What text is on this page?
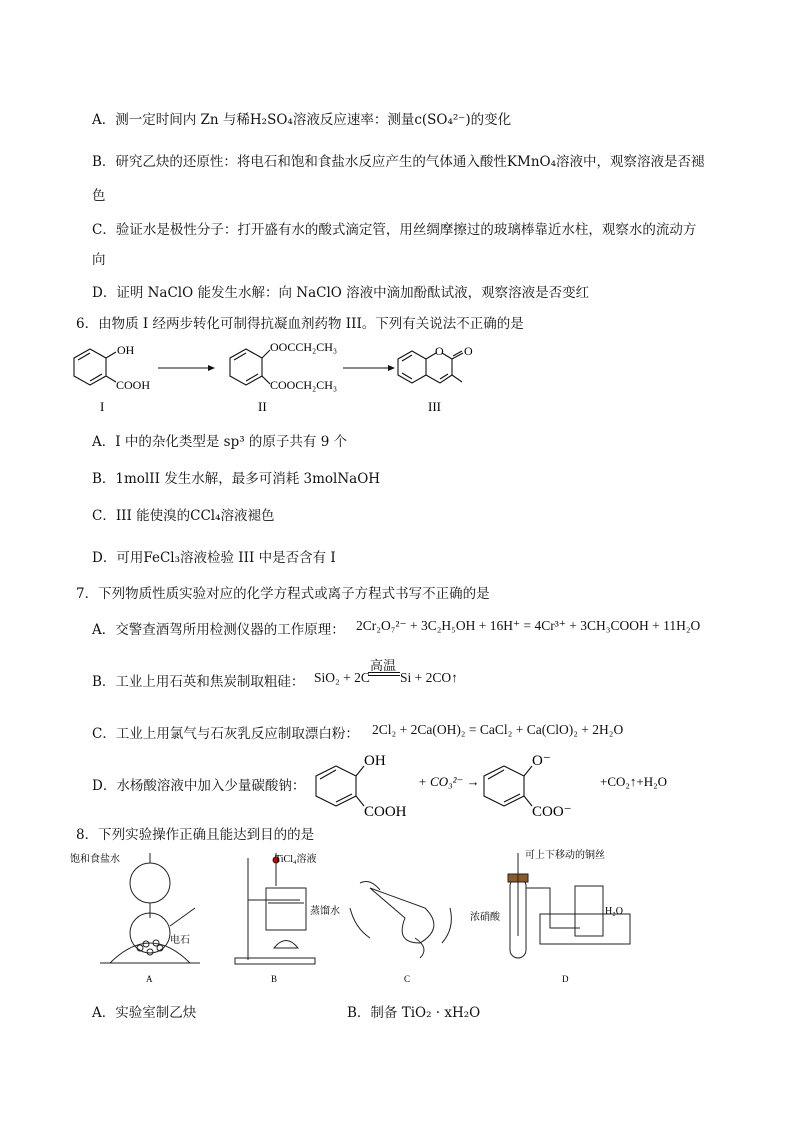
A．测一定时间内 Zn 与稀H₂SO₄溶液反应速率：测量c(SO₄²⁻)的变化
B．研究乙炔的还原性：将电石和饱和食盐水反应产生的气体通入酸性KMnO₄溶液中，观察溶液是否褪
色
C．验证水是极性分子：打开盛有水的酸式滴定管，用丝绸摩擦过的玻璃棒靠近水柱，观察水的流动方
向
D．证明 NaClO 能发生水解：向 NaClO 溶液中滴加酚酞试液，观察溶液是否变红
6．由物质 I 经两步转化可制得抗凝血剂药物 III。下列有关说法不正确的是
OH
COOH
I
OOCCH₂CH₃
COOCH₂CH₃
II
O O
III
A．I 中的杂化类型是 sp³ 的原子共有 9 个
B．1molII 发生水解，最多可消耗 3molNaOH
C．III 能使溴的CCl₄溶液褪色
D．可用FeCl₃溶液检验 III 中是否含有 I
7．下列物质性质实验对应的化学方程式或离子方程式书写不正确的是
A．交警查酒驾所用检测仪器的工作原理： 2Cr₂O₇²⁻ + 3C₂H₅OH + 16H⁺ = 4Cr³⁺ + 3CH₃COOH + 11H₂O
B．工业上用石英和焦炭制取粗硅： SiO₂ + 2C
高温
Si + 2CO↑
C．工业上用氯气与石灰乳反应制取漂白粉： 2Cl₂ + 2Ca(OH)₂ = CaCl₂ + Ca(ClO)₂ + 2H₂O
D．水杨酸溶液中加入少量碳酸钠：
OH
COOH
+ CO₃²⁻ →
O⁻
COO⁻
+CO₂↑+H₂O
8．下列实验操作正确且能达到目的的是
饱和食盐水
电石
A
TiCl₄溶液
蒸馏水
B	C
可上下移动的铜丝
浓硝酸
H₂O
D
A．实验室制乙炔	B．制备 TiO₂ · xH₂O
